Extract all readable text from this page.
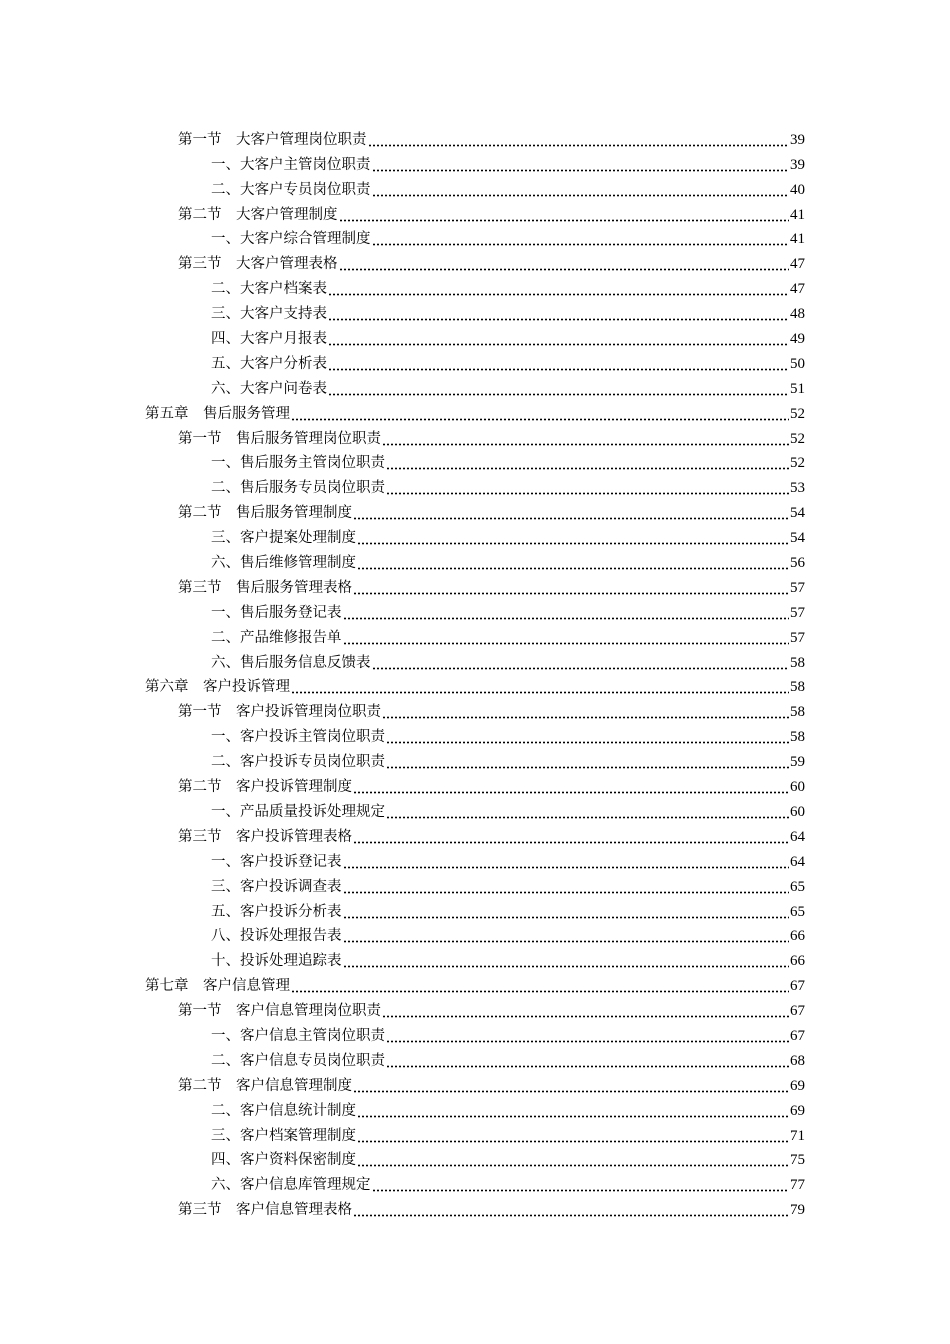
第一节　大客户管理岗位职责	39
一、大客户主管岗位职责	39
二、大客户专员岗位职责	40
第二节　大客户管理制度	41
一、大客户综合管理制度	41
第三节　大客户管理表格	47
二、大客户档案表	47
三、大客户支持表	48
四、大客户月报表	49
五、大客户分析表	50
六、大客户问卷表	51
第五章　售后服务管理	52
第一节　售后服务管理岗位职责	52
一、售后服务主管岗位职责	52
二、售后服务专员岗位职责	53
第二节　售后服务管理制度	54
三、客户提案处理制度	54
六、售后维修管理制度	56
第三节　售后服务管理表格	57
一、售后服务登记表	57
二、产品维修报告单	57
六、售后服务信息反馈表	58
第六章　客户投诉管理	58
第一节　客户投诉管理岗位职责	58
一、客户投诉主管岗位职责	58
二、客户投诉专员岗位职责	59
第二节　客户投诉管理制度	60
一、产品质量投诉处理规定	60
第三节　客户投诉管理表格	64
一、客户投诉登记表	64
三、客户投诉调查表	65
五、客户投诉分析表	65
八、投诉处理报告表	66
十、投诉处理追踪表	66
第七章　客户信息管理	67
第一节　客户信息管理岗位职责	67
一、客户信息主管岗位职责	67
二、客户信息专员岗位职责	68
第二节　客户信息管理制度	69
二、客户信息统计制度	69
三、客户档案管理制度	71
四、客户资料保密制度	75
六、客户信息库管理规定	77
第三节　客户信息管理表格	79
